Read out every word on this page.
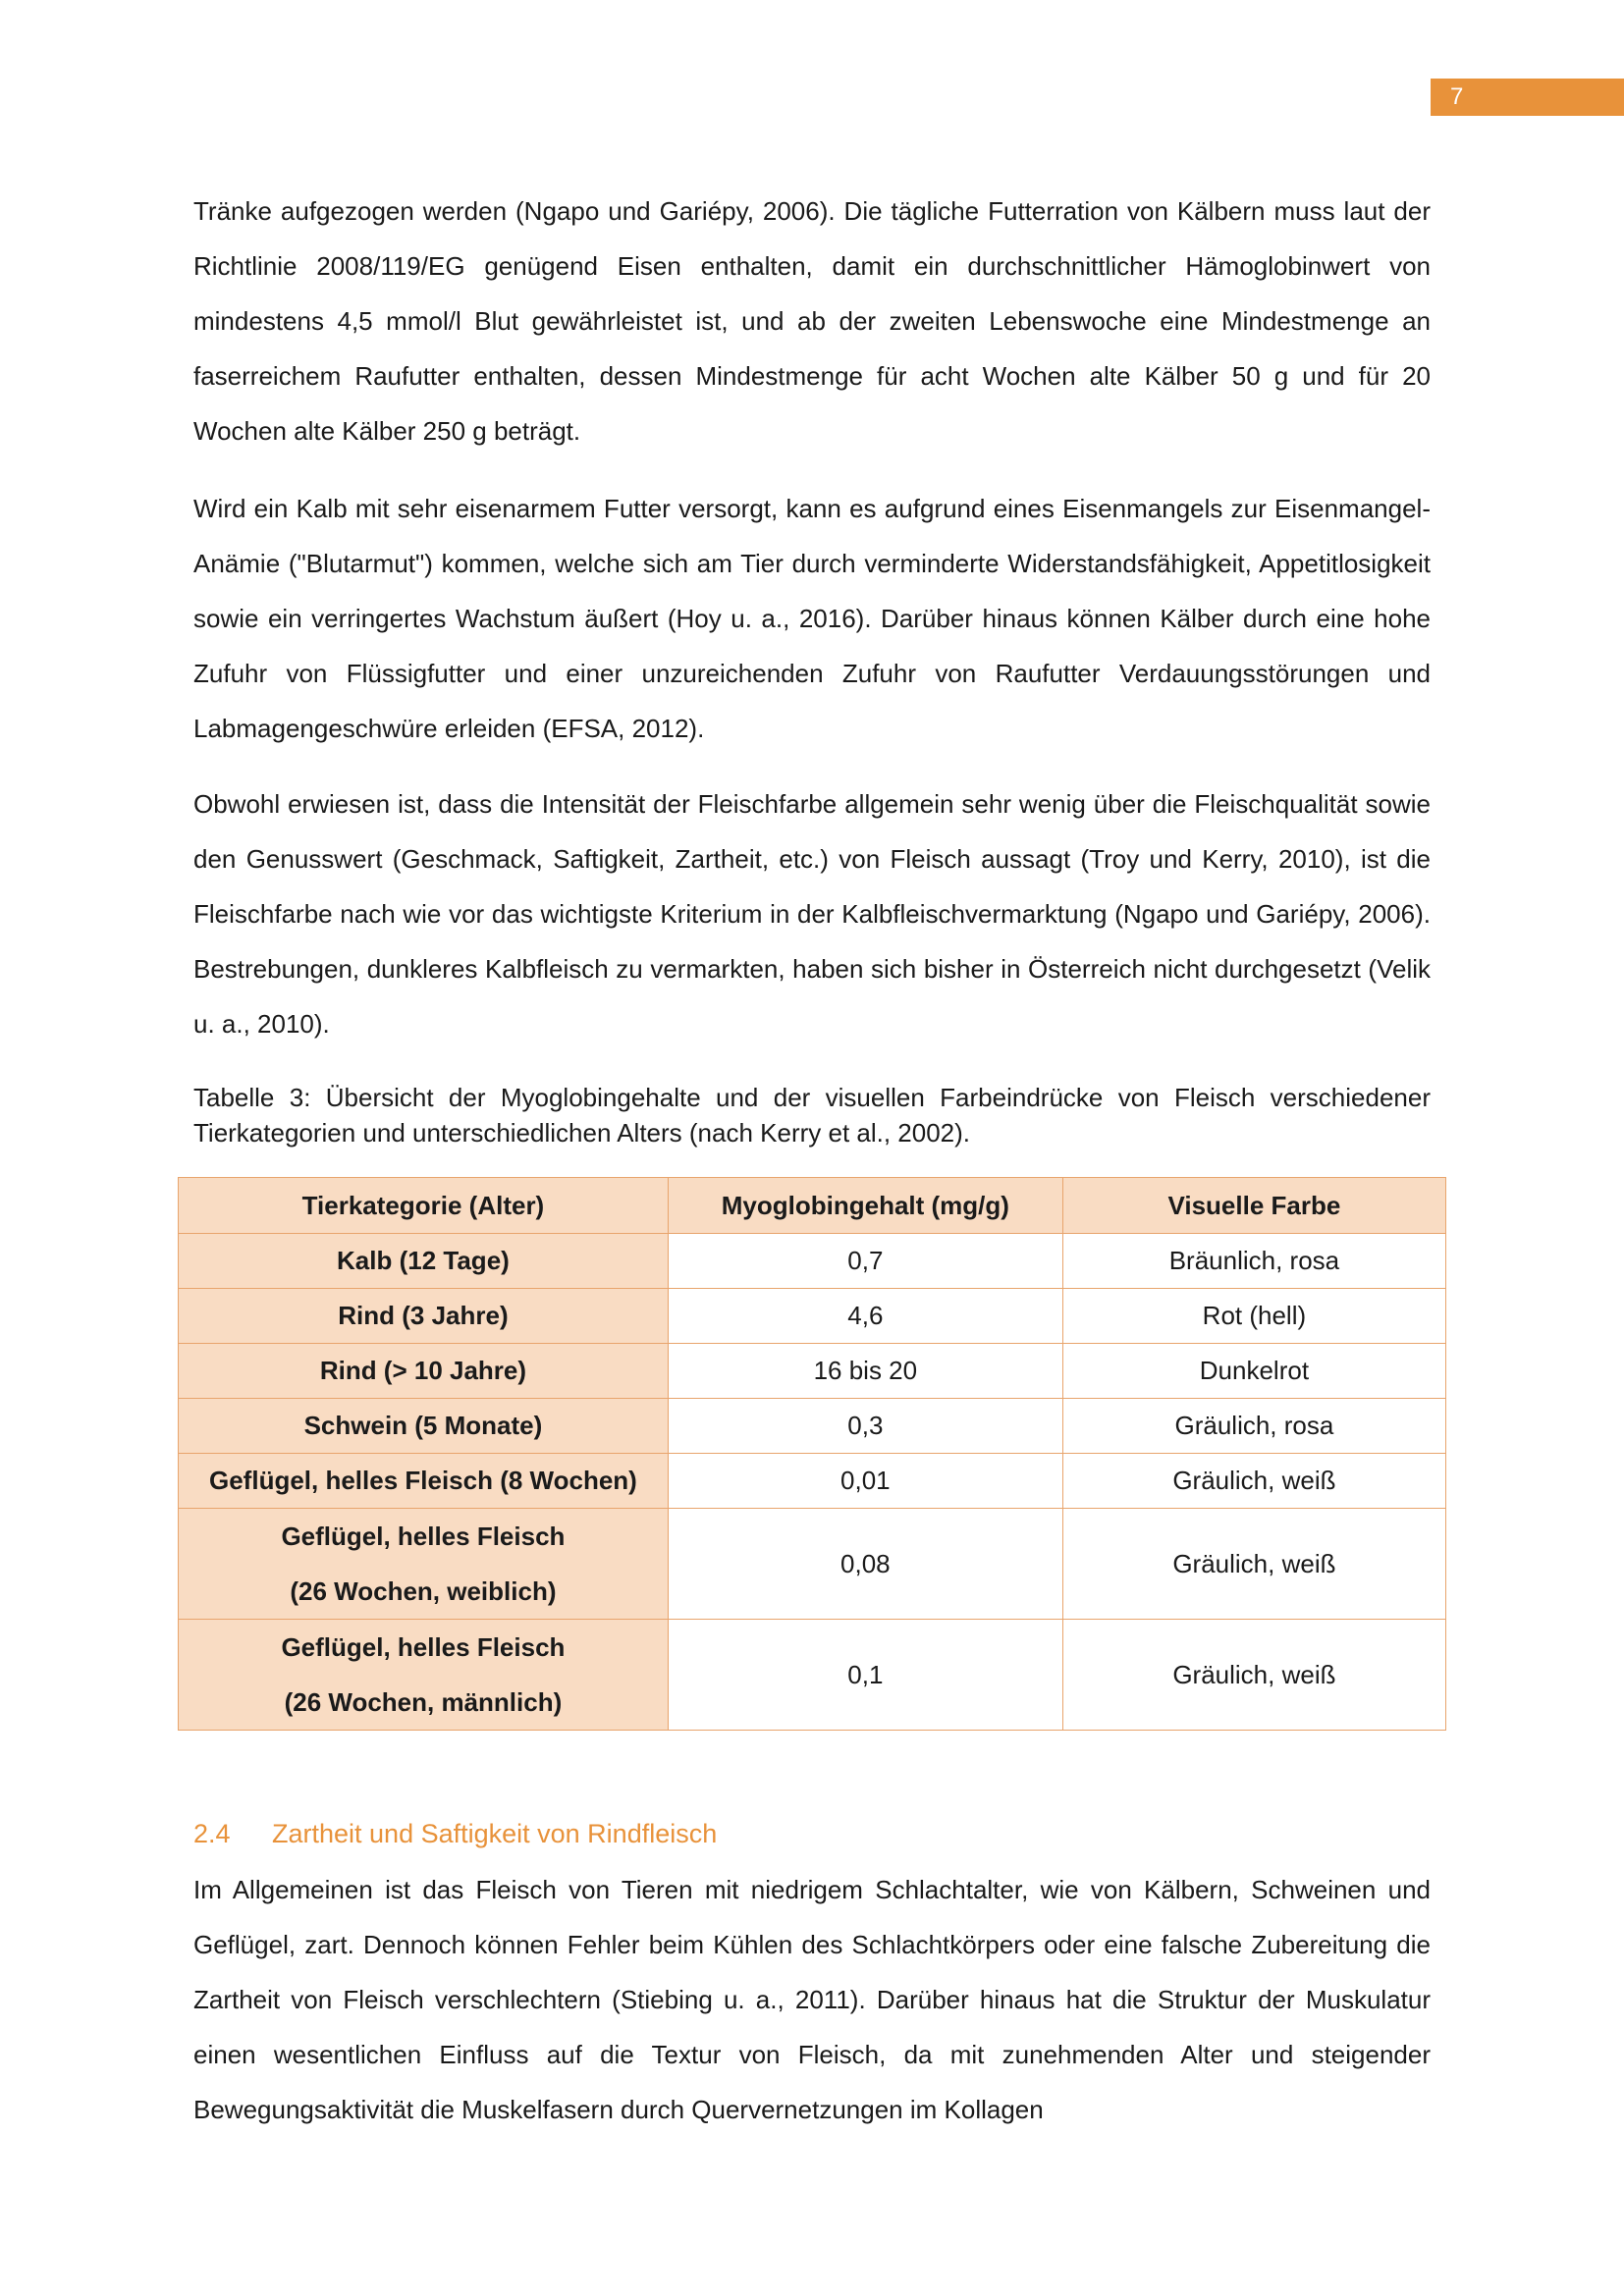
7

Tränke aufgezogen werden (Ngapo und Gariépy, 2006). Die tägliche Futterration von Kälbern muss laut der Richtlinie 2008/119/EG genügend Eisen enthalten, damit ein durchschnittlicher Hämoglobinwert von mindestens 4,5 mmol/l Blut gewährleistet ist, und ab der zweiten Lebenswoche eine Mindestmenge an faserreichem Raufutter enthalten, dessen Mindestmenge für acht Wochen alte Kälber 50 g und für 20 Wochen alte Kälber 250 g beträgt.

Wird ein Kalb mit sehr eisenarmem Futter versorgt, kann es aufgrund eines Eisenmangels zur Eisenmangel-Anämie ("Blutarmut") kommen, welche sich am Tier durch verminderte Widerstandsfähigkeit, Appetitlosigkeit sowie ein verringertes Wachstum äußert (Hoy u. a., 2016). Darüber hinaus können Kälber durch eine hohe Zufuhr von Flüssigfutter und einer unzureichenden Zufuhr von Raufutter Verdauungsstörungen und Labmagengeschwüre erleiden (EFSA, 2012).

Obwohl erwiesen ist, dass die Intensität der Fleischfarbe allgemein sehr wenig über die Fleischqualität sowie den Genusswert (Geschmack, Saftigkeit, Zartheit, etc.) von Fleisch aussagt (Troy und Kerry, 2010), ist die Fleischfarbe nach wie vor das wichtigste Kriterium in der Kalbfleischvermarktung (Ngapo und Gariépy, 2006). Bestrebungen, dunkleres Kalbfleisch zu vermarkten, haben sich bisher in Österreich nicht durchgesetzt (Velik u. a., 2010).

Tabelle 3: Übersicht der Myoglobingehalte und der visuellen Farbeindrücke von Fleisch verschiedener Tierkategorien und unterschiedlichen Alters (nach Kerry et al., 2002).

Tierkategorie (Alter)	Myoglobingehalt (mg/g)	Visuelle Farbe
Kalb (12 Tage)	0,7	Bräunlich, rosa
Rind (3 Jahre)	4,6	Rot (hell)
Rind (> 10 Jahre)	16 bis 20	Dunkelrot
Schwein (5 Monate)	0,3	Gräulich, rosa
Geflügel, helles Fleisch (8 Wochen)	0,01	Gräulich, weiß
Geflügel, helles Fleisch
(26 Wochen, weiblich)	0,08	Gräulich, weiß
Geflügel, helles Fleisch
(26 Wochen, männlich)	0,1	Gräulich, weiß
2.4 Zartheit und Saftigkeit von Rindfleisch

Im Allgemeinen ist das Fleisch von Tieren mit niedrigem Schlachtalter, wie von Kälbern, Schweinen und Geflügel, zart. Dennoch können Fehler beim Kühlen des Schlachtkörpers oder eine falsche Zubereitung die Zartheit von Fleisch verschlechtern (Stiebing u. a., 2011). Darüber hinaus hat die Struktur der Muskulatur einen wesentlichen Einfluss auf die Textur von Fleisch, da mit zunehmenden Alter und steigender Bewegungsaktivität die Muskelfasern durch Quervernetzungen im Kollagen
